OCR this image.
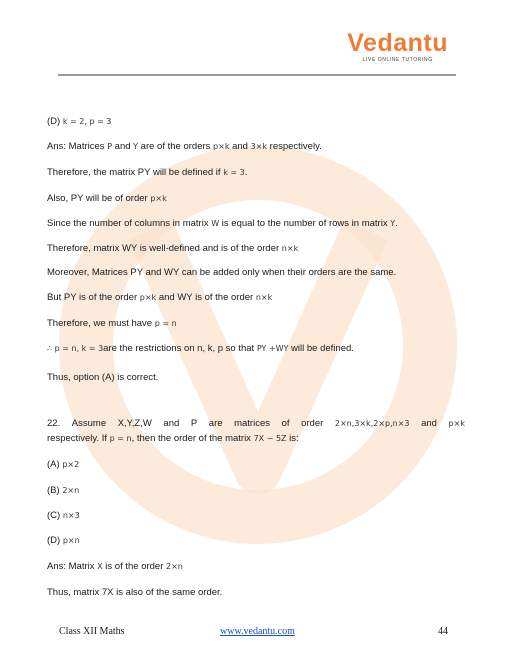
Vedantu
LIVE ONLINE TUTORING
(D) k = 2, p = 3
Ans: Matrices P and Y are of the orders p×k and 3×k respectively.
Therefore, the matrix PY will be defined if k = 3.
Also, PY will be of order p×k
Since the number of columns in matrix W is equal to the number of rows in matrix Y.
Therefore, matrix WY is well-defined and is of the order n×k
Moreover, Matrices PY and WY can be added only when their orders are the same.
But PY is of the order p×k and WY is of the order n×k
Therefore, we must have p = n
∴ p = n, k = 3are the restrictions on n, k, p so that PY +WY will be defined.
Thus, option (A) is correct.
22. Assume X,Y,Z,W and P are matrices of order 2×n,3×k,2×p,n×3 and p×k
respectively. If p = n, then the order of the matrix 7X − 5Z is:
(A) p×2
(B) 2×n
(C) n×3
(D) p×n
Ans: Matrix X is of the order 2×n
Thus, matrix 7X is also of the same order.
Class XII Maths	www.vedantu.com	44
